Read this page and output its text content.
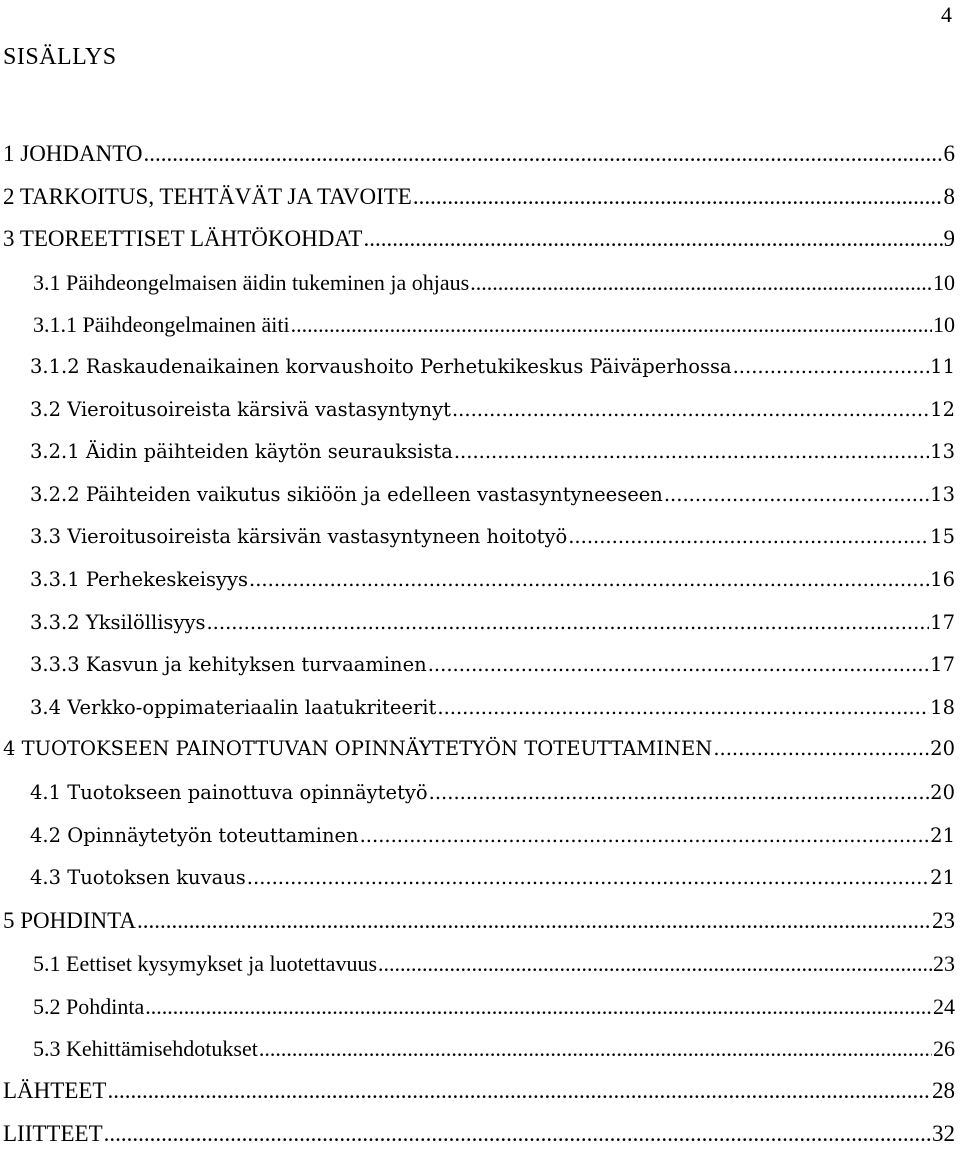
4
SISÄLLYS
1 JOHDANTO .....	6
2 TARKOITUS, TEHTÄVÄT JA TAVOITE .....	8
3 TEOREETTISET LÄHTÖKOHDAT .....	9
3.1 Päihdeongelmaisen äidin tukeminen ja ohjaus .....	10
3.1.1 Päihdeongelmainen äiti .....	10
3.1.2 Raskaudenaikainen korvaushoito Perhetukikeskus Päiväperhossa .....	11
3.2 Vieroitusoireista kärsivä vastasyntynyt .....	12
3.2.1 Äidin päihteiden käytön seurauksista .....	13
3.2.2 Päihteiden vaikutus sikiöön ja edelleen vastasyntyneeseen .....	13
3.3 Vieroitusoireista kärsivän vastasyntyneen hoitotyö .....	15
3.3.1 Perhekeskeisyys .....	16
3.3.2 Yksilöllisyys .....	17
3.3.3 Kasvun ja kehityksen turvaaminen .....	17
3.4 Verkko-oppimateriaalin laatukriteerit .....	18
4 TUOTOKSEEN PAINOTTUVAN OPINNÄYTETYÖN TOTEUTTAMINEN .....	20
4.1 Tuotokseen painottuva opinnäytetyö .....	20
4.2 Opinnäytetyön toteuttaminen .....	21
4.3 Tuotoksen kuvaus .....	21
5 POHDINTA .....	23
5.1 Eettiset kysymykset ja luotettavuus .....	23
5.2 Pohdinta .....	24
5.3 Kehittämisehdotukset .....	26
LÄHTEET .....	28
LIITTEET .....	32
